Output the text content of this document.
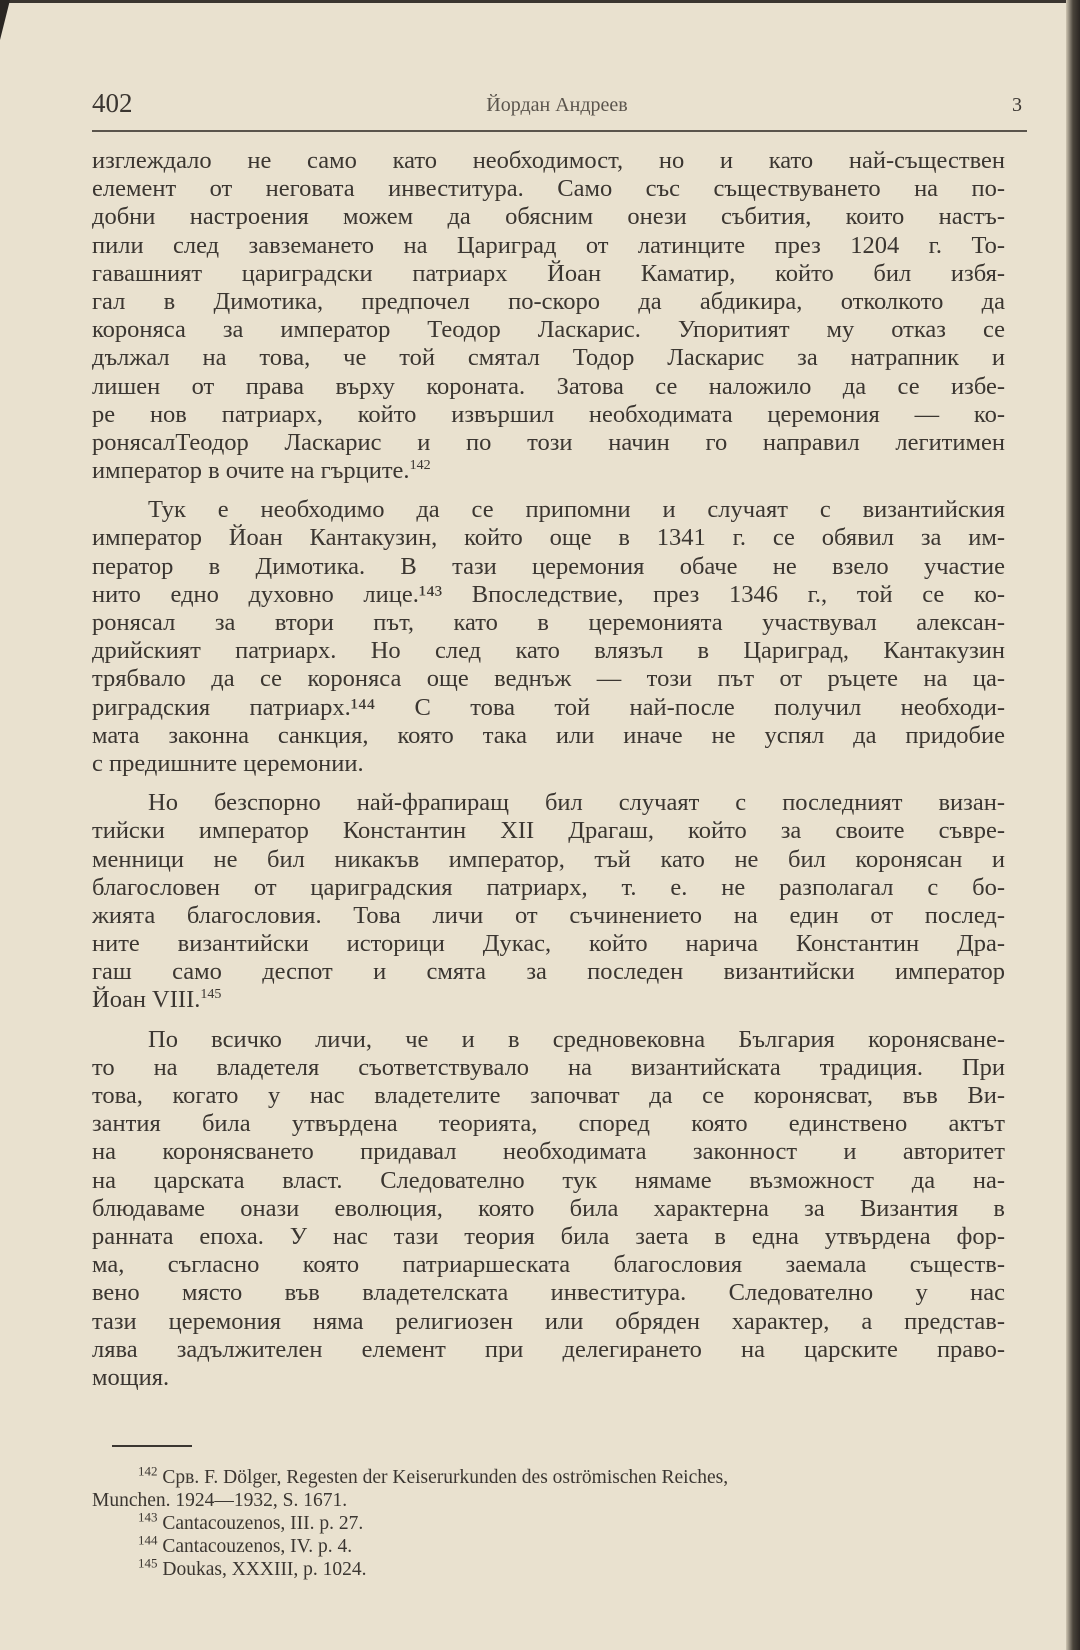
402	Йордан Андреев	3
изглеждало не само като необходимост, но и като най-съществен
елемент от неговата инвеститура. Само със съществуването на по-
добни настроения можем да обясним онези събития, които настъ-
пили след завземането на Цариград от латинците през 1204 г. То-
гавашният цариградски патриарх Йоан Каматир, който бил избя-
гал в Димотика, предпочел по-скоро да абдикира, отколкото да
короняса за император Теодор Ласкарис. Упоритият му отказ се
дължал на това, че той смятал Тодор Ласкарис за натрапник и
лишен от права върху короната. Затова се наложило да се избе-
ре нов патриарх, който извършил необходимата церемония — ко-
ронясалТеодор Ласкарис и по този начин го направил легитимен
император в очите на гърците.$^{142}$
Тук е необходимо да се припомни и случаят с византийския
император Йоан Кантакузин, който още в 1341 г. се обявил за им-
ператор в Димотика. В тази церемония обаче не взело участие
нито едно духовно лице.¹⁴³ Впоследствие, през 1346 г., той се ко-
ронясал за втори път, като в церемонията участвувал алексан-
дрийският патриарх. Но след като влязъл в Цариград, Кантакузин
трябвало да се короняса още веднъж — този път от ръцете на ца-
риградския патриарх.¹⁴⁴ С това той най-после получил необходи-
мата законна санкция, която така или иначе не успял да придобие
с предишните церемонии.
Но безспорно най-фрапиращ бил случаят с последният визан-
тийски император Константин XII Драгаш, който за своите съвре-
менници не бил никакъв император, тъй като не бил коронясан и
благословен от цариградския патриарх, т. е. не разполагал с бо-
жията благословия. Това личи от съчинението на един от послед-
ните византийски историци Дукас, който нарича Константин Дра-
гаш само деспот и смята за последен византийски император
Йоан VIII.$^{145}$
По всичко личи, че и в средновековна България коронясване-
то на владетеля съответствувало на византийската традиция. При
това, когато у нас владетелите започват да се коронясват, във Ви-
зантия била утвърдена теорията, според която единствено актът
на коронясването придавал необходимата законност и авторитет
на царската власт. Следователно тук нямаме възможност да на-
блюдаваме онази еволюция, която била характерна за Византия в
ранната епоха. У нас тази теория била заета в една утвърдена фор-
ма, съгласно която патриаршеската благословия заемала съществ-
вено място във владетелската инвеститура. Следователно у нас
тази церемония няма религиозен или обряден характер, а представ-
лява задължителен елемент при делегирането на царските право-
мощия.
$^{142}$ Срв. F. Dölger, Regesten der Keiserurkunden des oströmischen Reiches,
Munchen. 1924—1932, S. 1671.
$^{143}$ Cantacouzenos, III. p. 27.
$^{144}$ Cantacouzenos, IV. p. 4.
$^{145}$ Doukas, XXXIII, p. 1024.
